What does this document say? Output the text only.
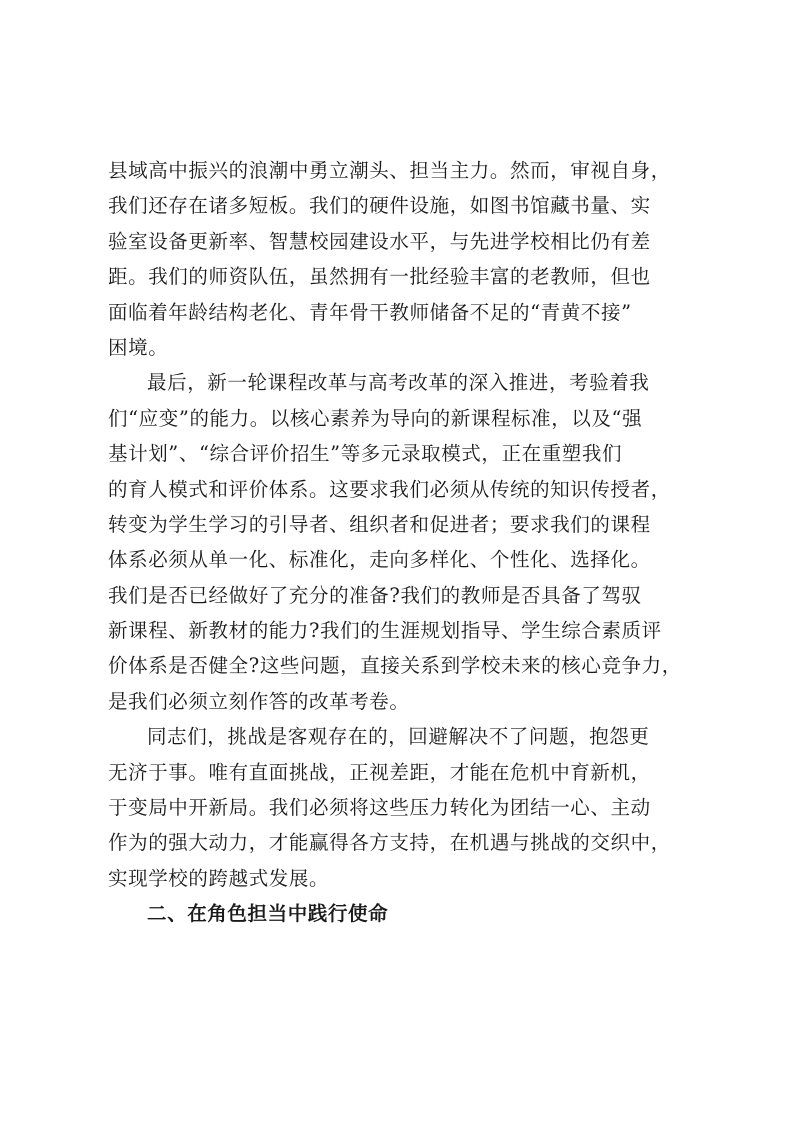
县域高中振兴的浪潮中勇立潮头、担当主力。然而，审视自身，
我们还存在诸多短板。我们的硬件设施，如图书馆藏书量、实
验室设备更新率、智慧校园建设水平，与先进学校相比仍有差
距。我们的师资队伍，虽然拥有一批经验丰富的老教师，但也
面临着年龄结构老化、青年骨干教师储备不足的“青黄不接”
困境。
最后，新一轮课程改革与高考改革的深入推进，考验着我
们“应变”的能力。以核心素养为导向的新课程标准，以及“强
基计划”、“综合评价招生”等多元录取模式，正在重塑我们
的育人模式和评价体系。这要求我们必须从传统的知识传授者，
转变为学生学习的引导者、组织者和促进者；要求我们的课程
体系必须从单一化、标准化，走向多样化、个性化、选择化。
我们是否已经做好了充分的准备?我们的教师是否具备了驾驭
新课程、新教材的能力?我们的生涯规划指导、学生综合素质评
价体系是否健全?这些问题，直接关系到学校未来的核心竞争力，
是我们必须立刻作答的改革考卷。
同志们，挑战是客观存在的，回避解决不了问题，抱怨更
无济于事。唯有直面挑战，正视差距，才能在危机中育新机，
于变局中开新局。我们必须将这些压力转化为团结一心、主动
作为的强大动力，才能赢得各方支持，在机遇与挑战的交织中，
实现学校的跨越式发展。
二、在角色担当中践行使命
